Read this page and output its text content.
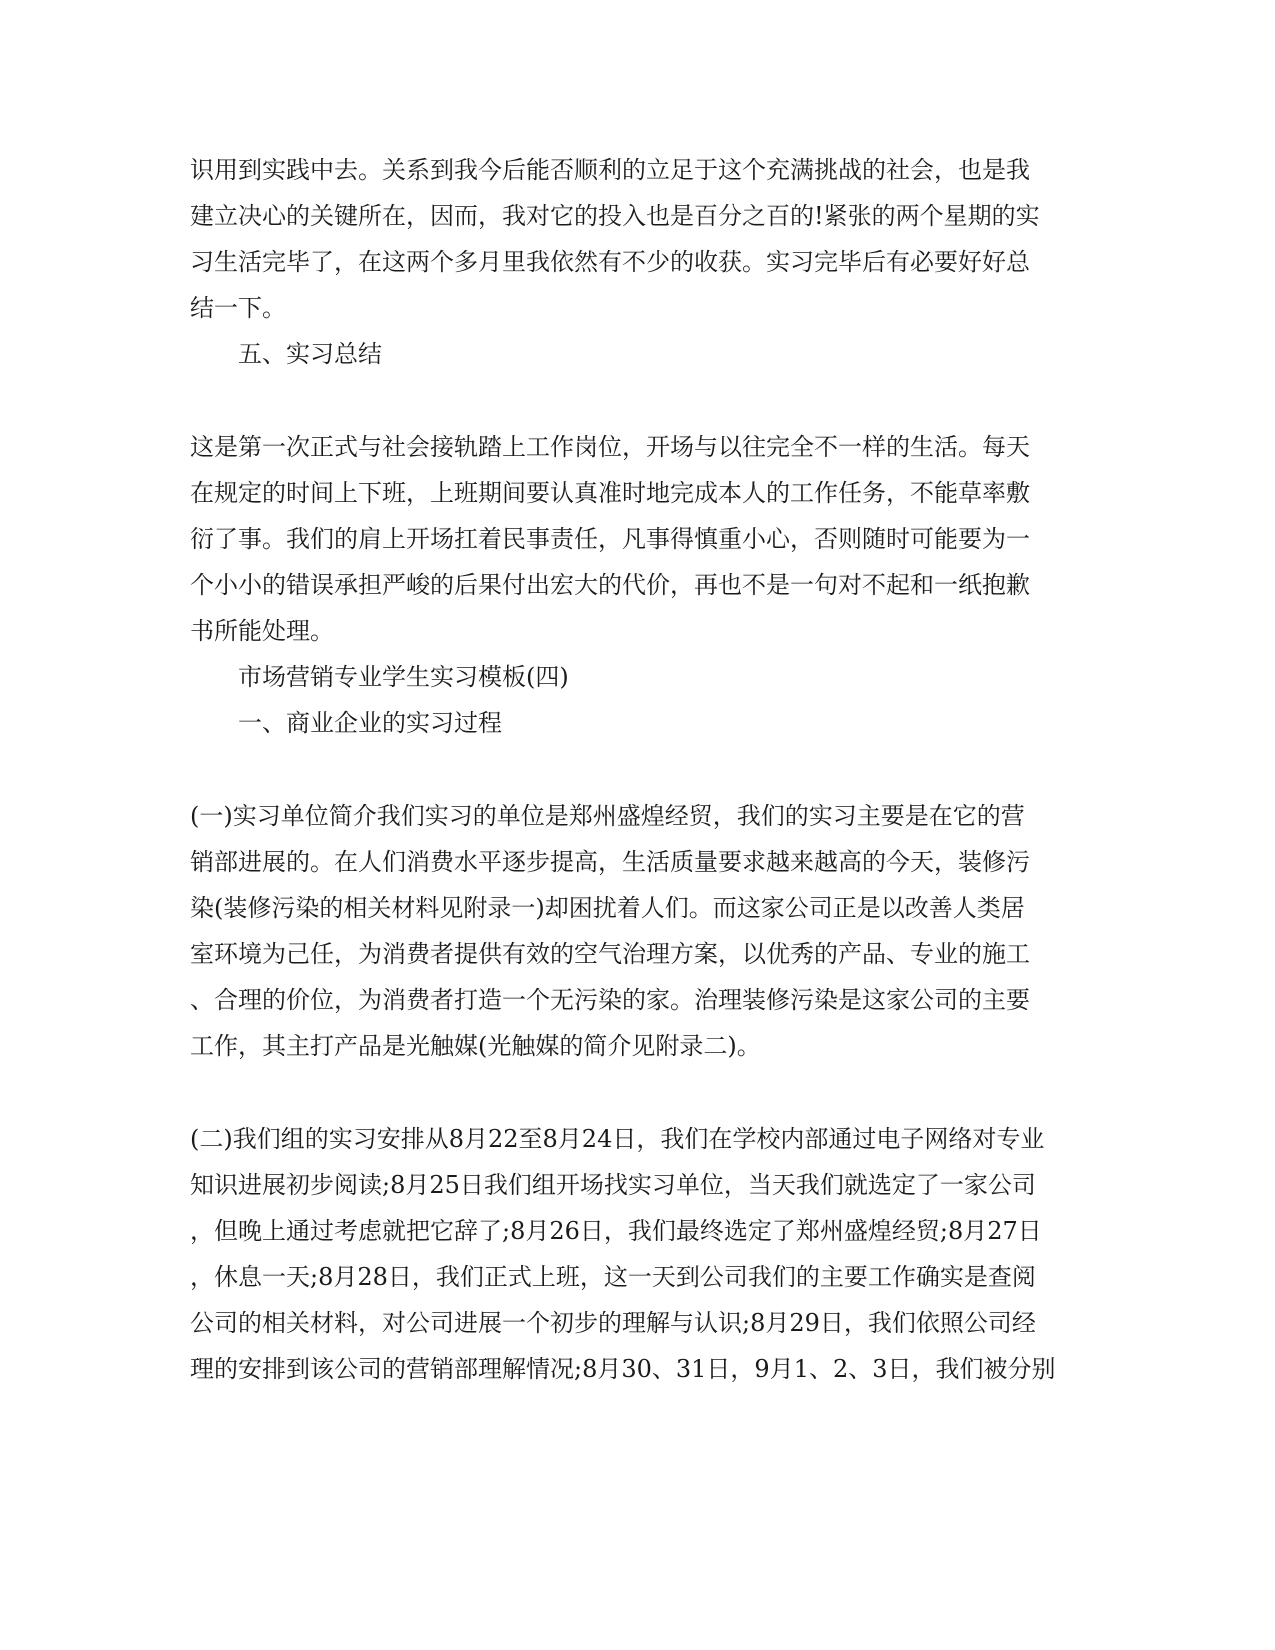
识用到实践中去。关系到我今后能否顺利的立足于这个充满挑战的社会，也是我
建立决心的关键所在，因而，我对它的投入也是百分之百的!紧张的两个星期的实
习生活完毕了，在这两个多月里我依然有不少的收获。实习完毕后有必要好好总
结一下。
五、实习总结
这是第一次正式与社会接轨踏上工作岗位，开场与以往完全不一样的生活。每天
在规定的时间上下班，上班期间要认真准时地完成本人的工作任务，不能草率敷
衍了事。我们的肩上开场扛着民事责任，凡事得慎重小心，否则随时可能要为一
个小小的错误承担严峻的后果付出宏大的代价，再也不是一句对不起和一纸抱歉
书所能处理。
市场营销专业学生实习模板(四)
一、商业企业的实习过程
(一)实习单位简介我们实习的单位是郑州盛煌经贸，我们的实习主要是在它的营
销部进展的。在人们消费水平逐步提高，生活质量要求越来越高的今天，装修污
染(装修污染的相关材料见附录一)却困扰着人们。而这家公司正是以改善人类居
室环境为己任，为消费者提供有效的空气治理方案，以优秀的产品、专业的施工
、合理的价位，为消费者打造一个无污染的家。治理装修污染是这家公司的主要
工作，其主打产品是光触媒(光触媒的简介见附录二)。
(二)我们组的实习安排从8月22至8月24日，我们在学校内部通过电子网络对专业
知识进展初步阅读;8月25日我们组开场找实习单位，当天我们就选定了一家公司
，但晚上通过考虑就把它辞了;8月26日，我们最终选定了郑州盛煌经贸;8月27日
，休息一天;8月28日，我们正式上班，这一天到公司我们的主要工作确实是查阅
公司的相关材料，对公司进展一个初步的理解与认识;8月29日，我们依照公司经
理的安排到该公司的营销部理解情况;8月30、31日，9月1、2、3日，我们被分别
